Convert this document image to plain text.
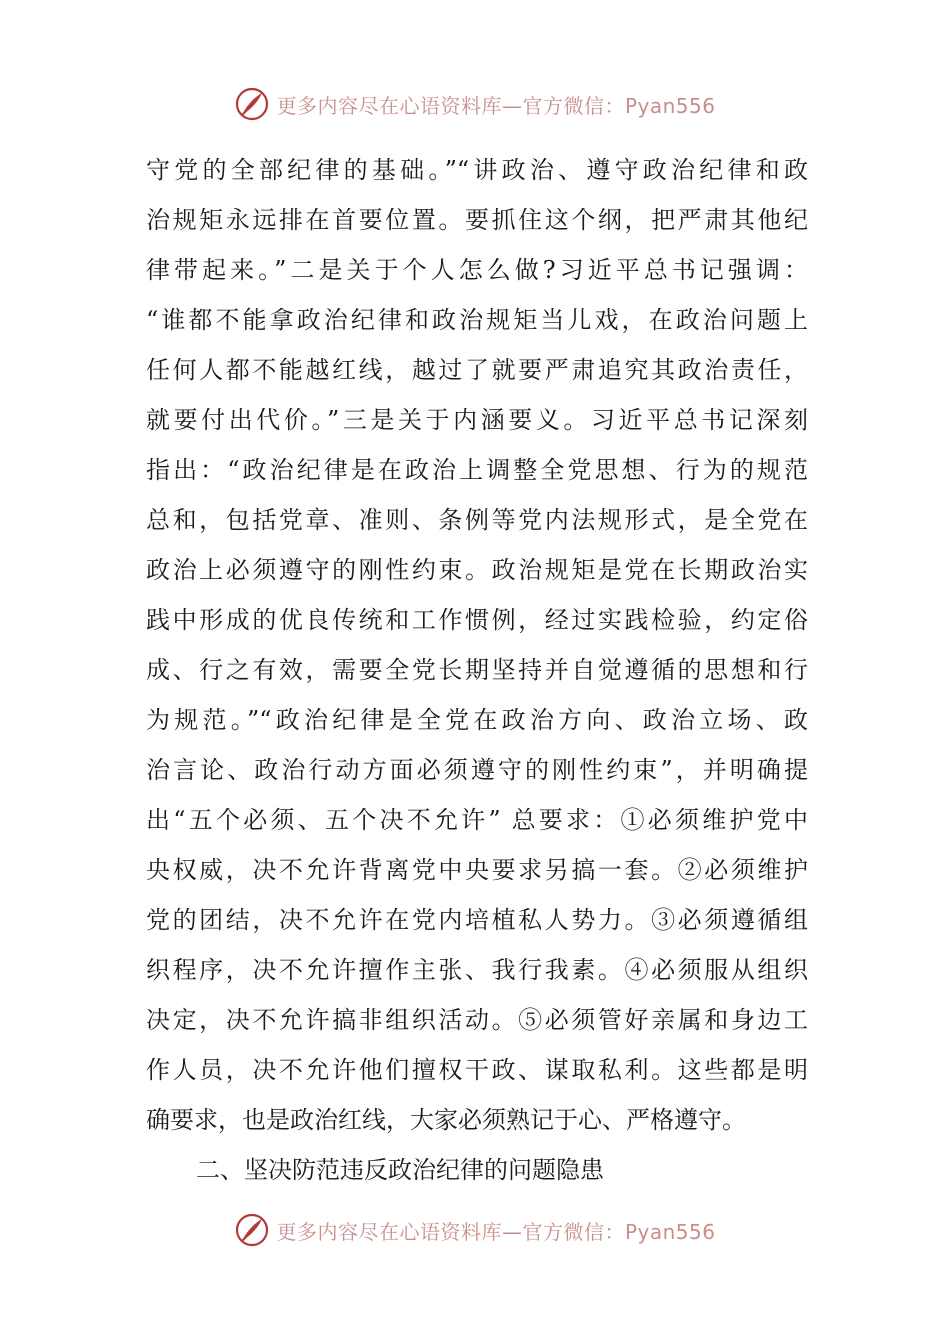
更多内容尽在心语资料库—官方微信：Pyan556
守党的全部纪律的基础。”“讲政治、遵守政治纪律和政
治规矩永远排在首要位置。要抓住这个纲，把严肃其他纪
律带起来。”二是关于个人怎么做?习近平总书记强调：
“谁都不能拿政治纪律和政治规矩当儿戏，在政治问题上
任何人都不能越红线，越过了就要严肃追究其政治责任，
就要付出代价。”三是关于内涵要义。习近平总书记深刻
指出：“政治纪律是在政治上调整全党思想、行为的规范
总和，包括党章、准则、条例等党内法规形式，是全党在
政治上必须遵守的刚性约束。政治规矩是党在长期政治实
践中形成的优良传统和工作惯例，经过实践检验，约定俗
成、行之有效，需要全党长期坚持并自觉遵循的思想和行
为规范。”“政治纪律是全党在政治方向、政治立场、政
治言论、政治行动方面必须遵守的刚性约束”，并明确提
出“五个必须、五个决不允许” 总要求：①必须维护党中
央权威，决不允许背离党中央要求另搞一套。②必须维护
党的团结，决不允许在党内培植私人势力。③必须遵循组
织程序，决不允许擅作主张、我行我素。④必须服从组织
决定，决不允许搞非组织活动。⑤必须管好亲属和身边工
作人员，决不允许他们擅权干政、谋取私利。这些都是明
确要求，也是政治红线，大家必须熟记于心、严格遵守。
二、坚决防范违反政治纪律的问题隐患
更多内容尽在心语资料库—官方微信：Pyan556
